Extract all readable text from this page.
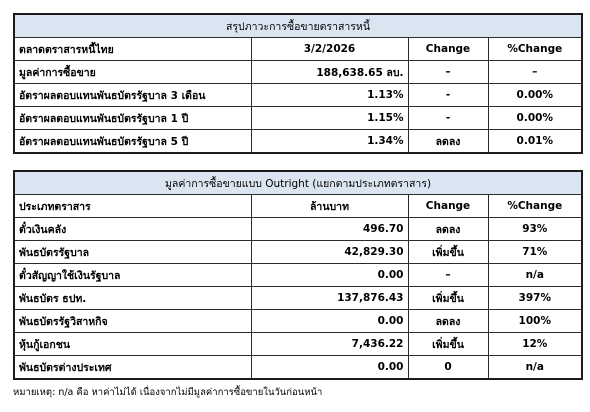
สรุปภาวะการซื้อขายตราสารหนี้			
ตลาดตราสารหนี้ไทย	3/2/2026	Change	%Change
มูลค่าการซื้อขาย	188,638.65 ลบ.	–	–
อัตราผลตอบแทนพันธบัตรรัฐบาล 3 เดือน	1.13%	-	0.00%
อัตราผลตอบแทนพันธบัตรรัฐบาล 1 ปี	1.15%	-	0.00%
อัตราผลตอบแทนพันธบัตรรัฐบาล 5 ปี	1.34%	ลดลง	0.01%
มูลค่าการซื้อขายแบบ Outright (แยกตามประเภทตราสาร)			
ประเภทตราสาร	ล้านบาท	Change	%Change
ตั๋วเงินคลัง	496.70	ลดลง	93%
พันธบัตรรัฐบาล	42,829.30	เพิ่มขึ้น	71%
ตั๋วสัญญาใช้เงินรัฐบาล	0.00	–	n/a
พันธบัตร ธปท.	137,876.43	เพิ่มขึ้น	397%
พันธบัตรรัฐวิสาหกิจ	0.00	ลดลง	100%
หุ้นกู้เอกชน	7,436.22	เพิ่มขึ้น	12%
พันธบัตรต่างประเทศ	0.00	0	n/a
หมายเหตุ: n/a คือ หาค่าไม่ได้ เนื่องจากไม่มีมูลค่าการซื้อขายในวันก่อนหน้า
